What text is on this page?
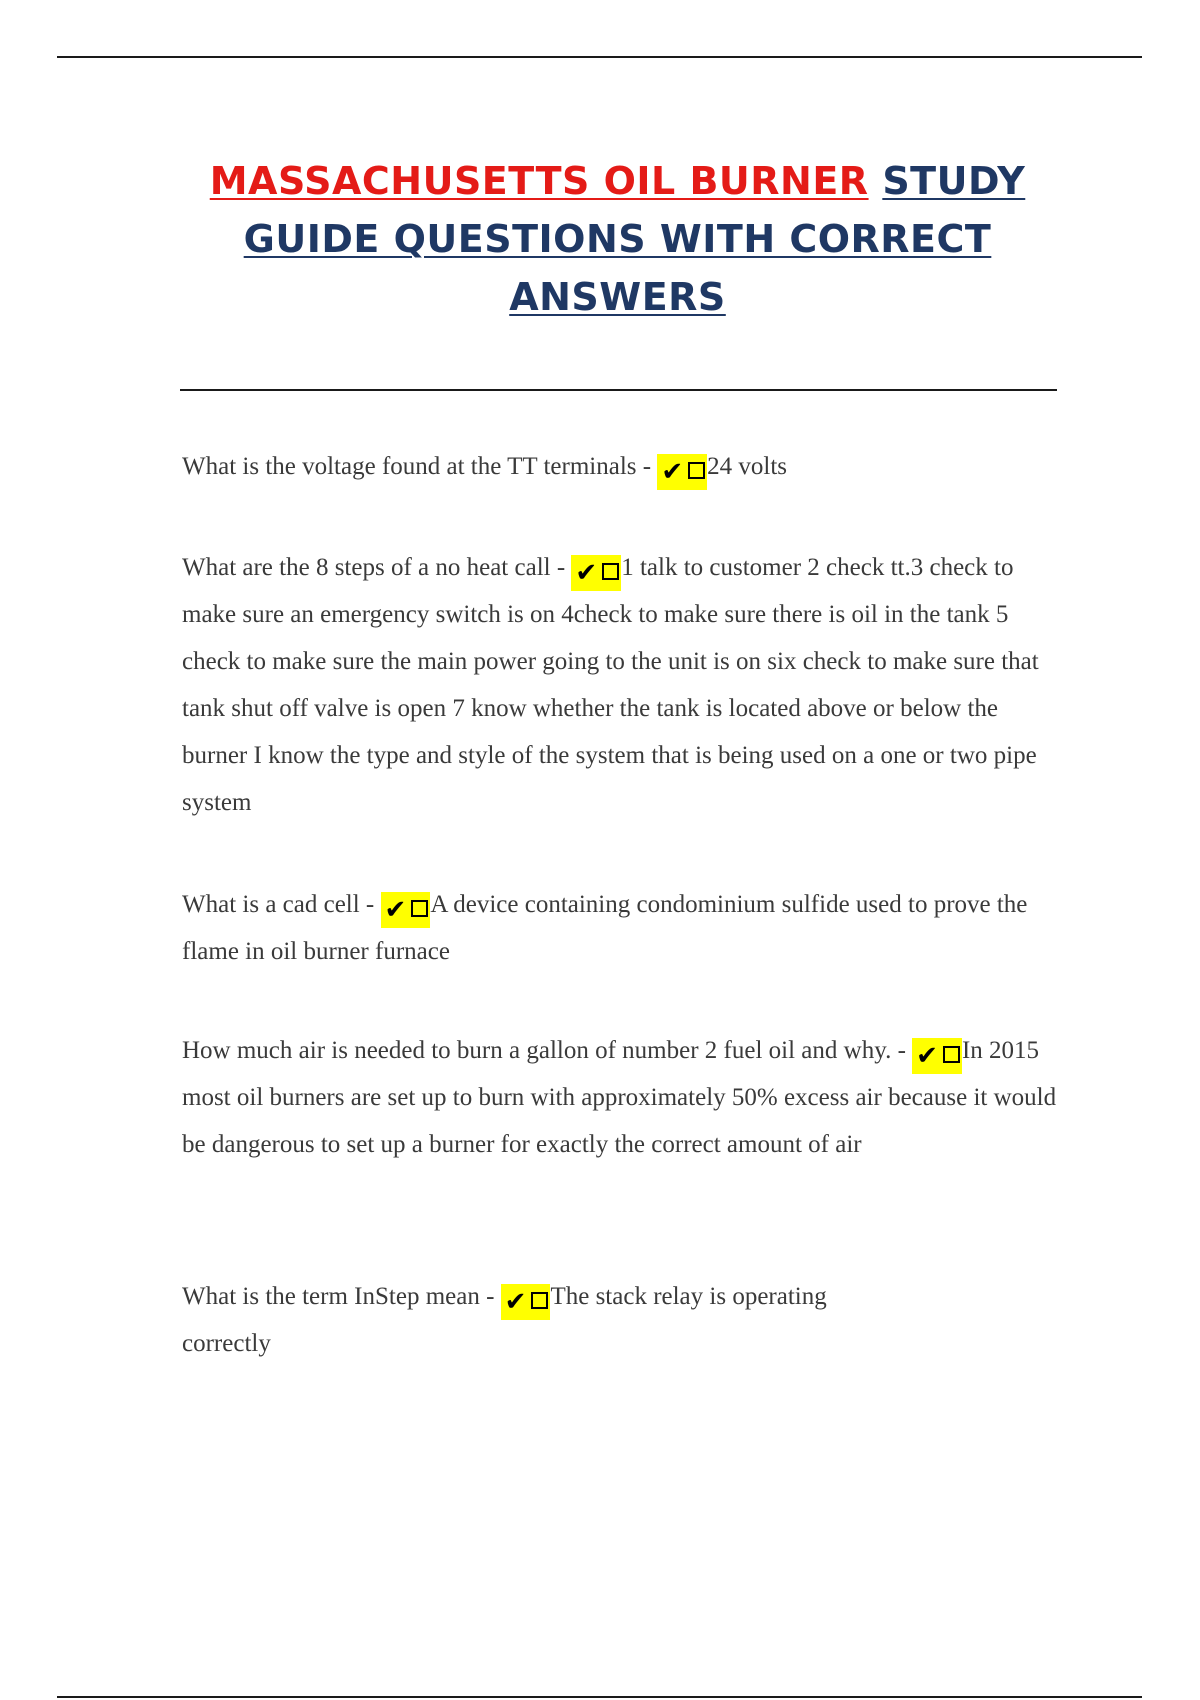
MASSACHUSETTS OIL BURNER STUDY
GUIDE QUESTIONS WITH CORRECT
ANSWERS
What is the voltage found at the TT terminals - ✔ 24 volts
What are the 8 steps of a no heat call - ✔ 1 talk to customer 2 check tt.3 check to make sure an emergency switch is on 4check to make sure there is oil in the tank 5 check to make sure the main power going to the unit is on six check to make sure that tank shut off valve is open 7 know whether the tank is located above or below the burner I know the type and style of the system that is being used on a one or two pipe system
What is a cad cell - ✔ A device containing condominium sulfide used to prove the flame in oil burner furnace
How much air is needed to burn a gallon of number 2 fuel oil and why. - ✔ In 2015 most oil burners are set up to burn with approximately 50% excess air because it would be dangerous to set up a burner for exactly the correct amount of air
What is the term InStep mean - ✔ The stack relay is operating correctly
